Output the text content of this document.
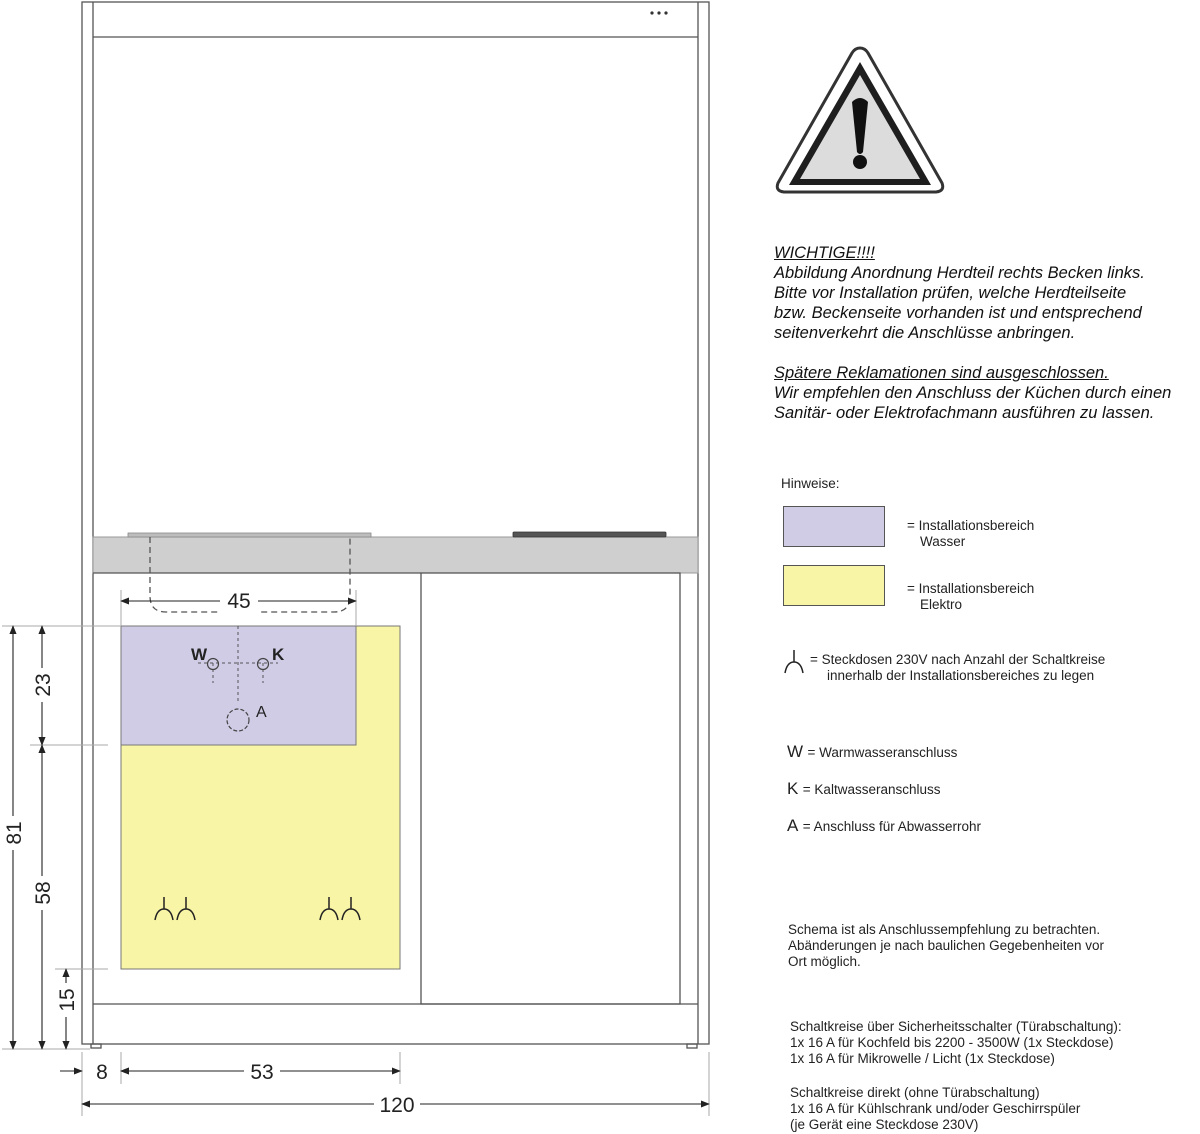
W	K
A
45
81
23
58
15
8	53
120

WICHTIGE!!!!

Abbildung Anordnung Herdteil rechts Becken links.

Bitte vor Installation prüfen, welche Herdteilseite

bzw. Beckenseite vorhanden ist und entsprechend

seitenverkehrt die Anschlüsse anbringen.

Spätere Reklamationen sind ausgeschlossen.

Wir empfehlen den Anschluss der Küchen durch einen

Sanitär- oder Elektrofachmann ausführen zu lassen.

Hinweise:
= Installationsbereich
Wasser
= Installationsbereich
Elektro
= Steckdosen 230V nach Anzahl der Schaltkreise
innerhalb der Installationsbereiches zu legen
W = Warmwasseranschluss
K = Kaltwasseranschluss
A = Anschluss für Abwasserrohr
Schema ist als Anschlussempfehlung zu betrachten.
Abänderungen je nach baulichen Gegebenheiten vor
Ort möglich.
Schaltkreise über Sicherheitsschalter (Türabschaltung):
1x 16 A für Kochfeld bis 2200 - 3500W (1x Steckdose)
1x 16 A für Mikrowelle / Licht (1x Steckdose)
Schaltkreise direkt (ohne Türabschaltung)
1x 16 A für Kühlschrank und/oder Geschirrspüler
(je Gerät eine Steckdose 230V)
